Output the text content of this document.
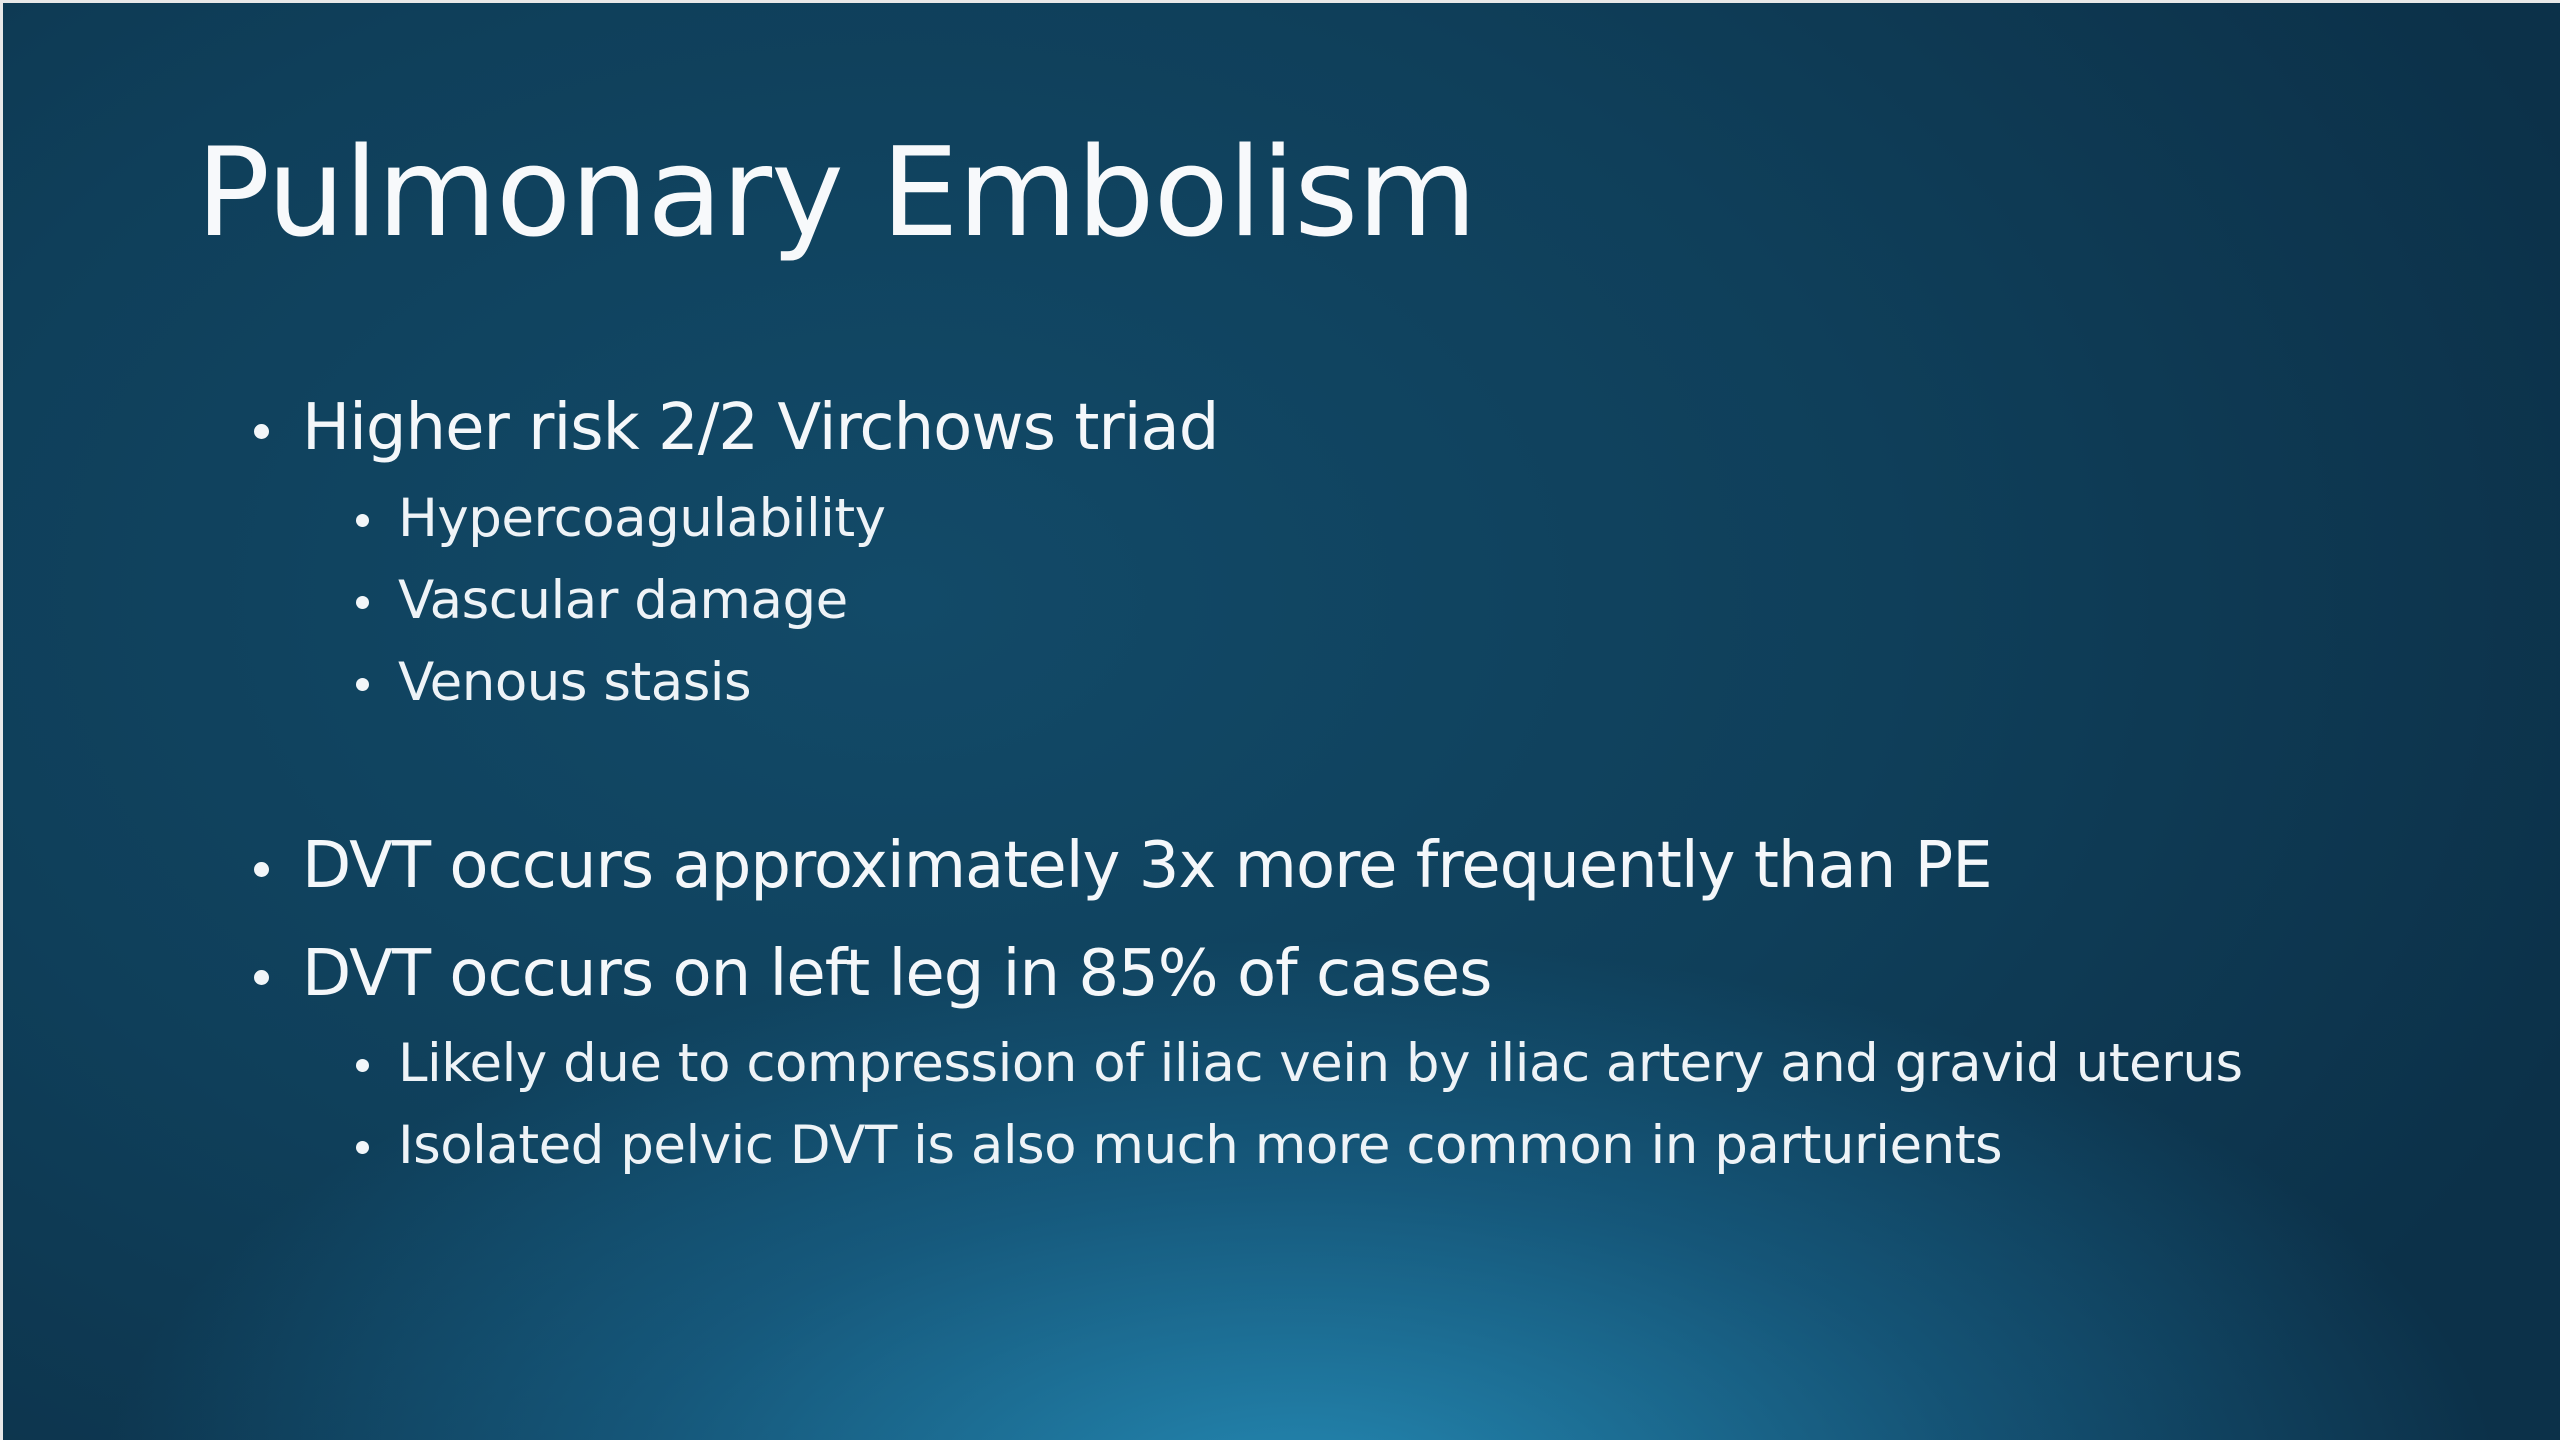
Pulmonary Embolism
Higher risk 2/2 Virchows triad
Hypercoagulability
Vascular damage
Venous stasis
DVT occurs approximately 3x more frequently than PE
DVT occurs on left leg in 85% of cases
Likely due to compression of iliac vein by iliac artery and gravid uterus
Isolated pelvic DVT is also much more common in parturients
